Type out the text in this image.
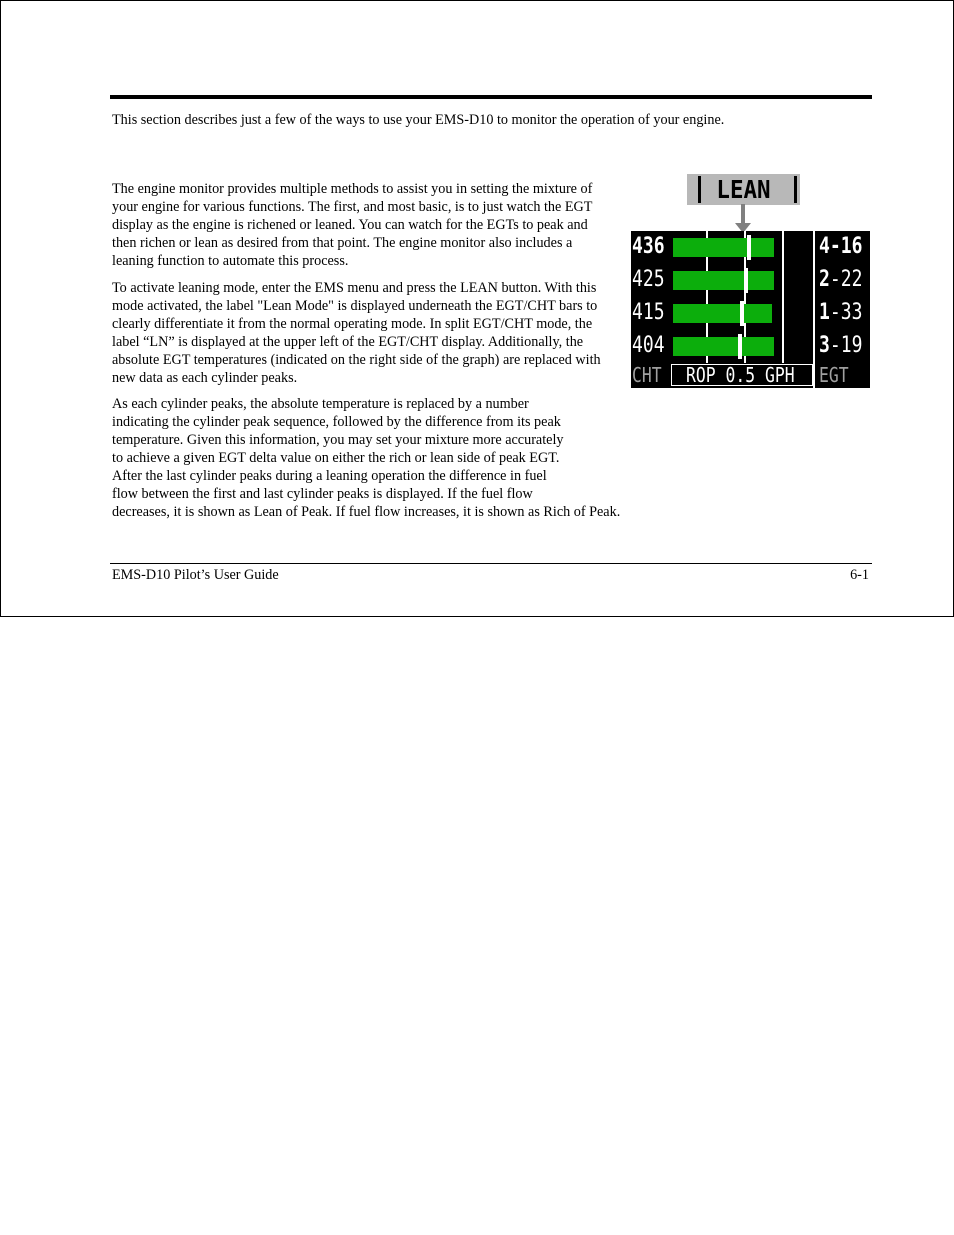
This section describes just a few of the ways to use your EMS-D10 to monitor the operation of your engine.

The engine monitor provides multiple methods to assist you in setting the mixture of your engine for various functions. The first, and most basic, is to just watch the EGT display as the engine is richened or leaned. You can watch for the EGTs to peak and then richen or lean as desired from that point. The engine monitor also includes a leaning function to automate this process.

To activate leaning mode, enter the EMS menu and press the LEAN button. With this mode activated, the label "Lean Mode" is displayed underneath the EGT/CHT bars to clearly differentiate it from the normal operating mode. In split EGT/CHT mode, the label “LN” is displayed at the upper left of the EGT/CHT display. Additionally, the absolute EGT temperatures (indicated on the right side of the graph) are replaced with new data as each cylinder peaks.

As each cylinder peaks, the absolute temperature is replaced by a number
indicating the cylinder peak sequence, followed by the difference from its peak
temperature. Given this information, you may set your mixture more accurately
to achieve a given EGT delta value on either the rich or lean side of peak EGT.
After the last cylinder peaks during a leaning operation the difference in fuel
flow between the first and last cylinder peaks is displayed. If the fuel flow
decreases, it is shown as Lean of Peak. If fuel flow increases, it is shown as Rich of Peak.

LEAN
CHT ROP 0.5 GPH EGT
436	4-16
425	2-22
415	1-33
404	3-19
EMS-D10 Pilot’s User Guide	6-1
